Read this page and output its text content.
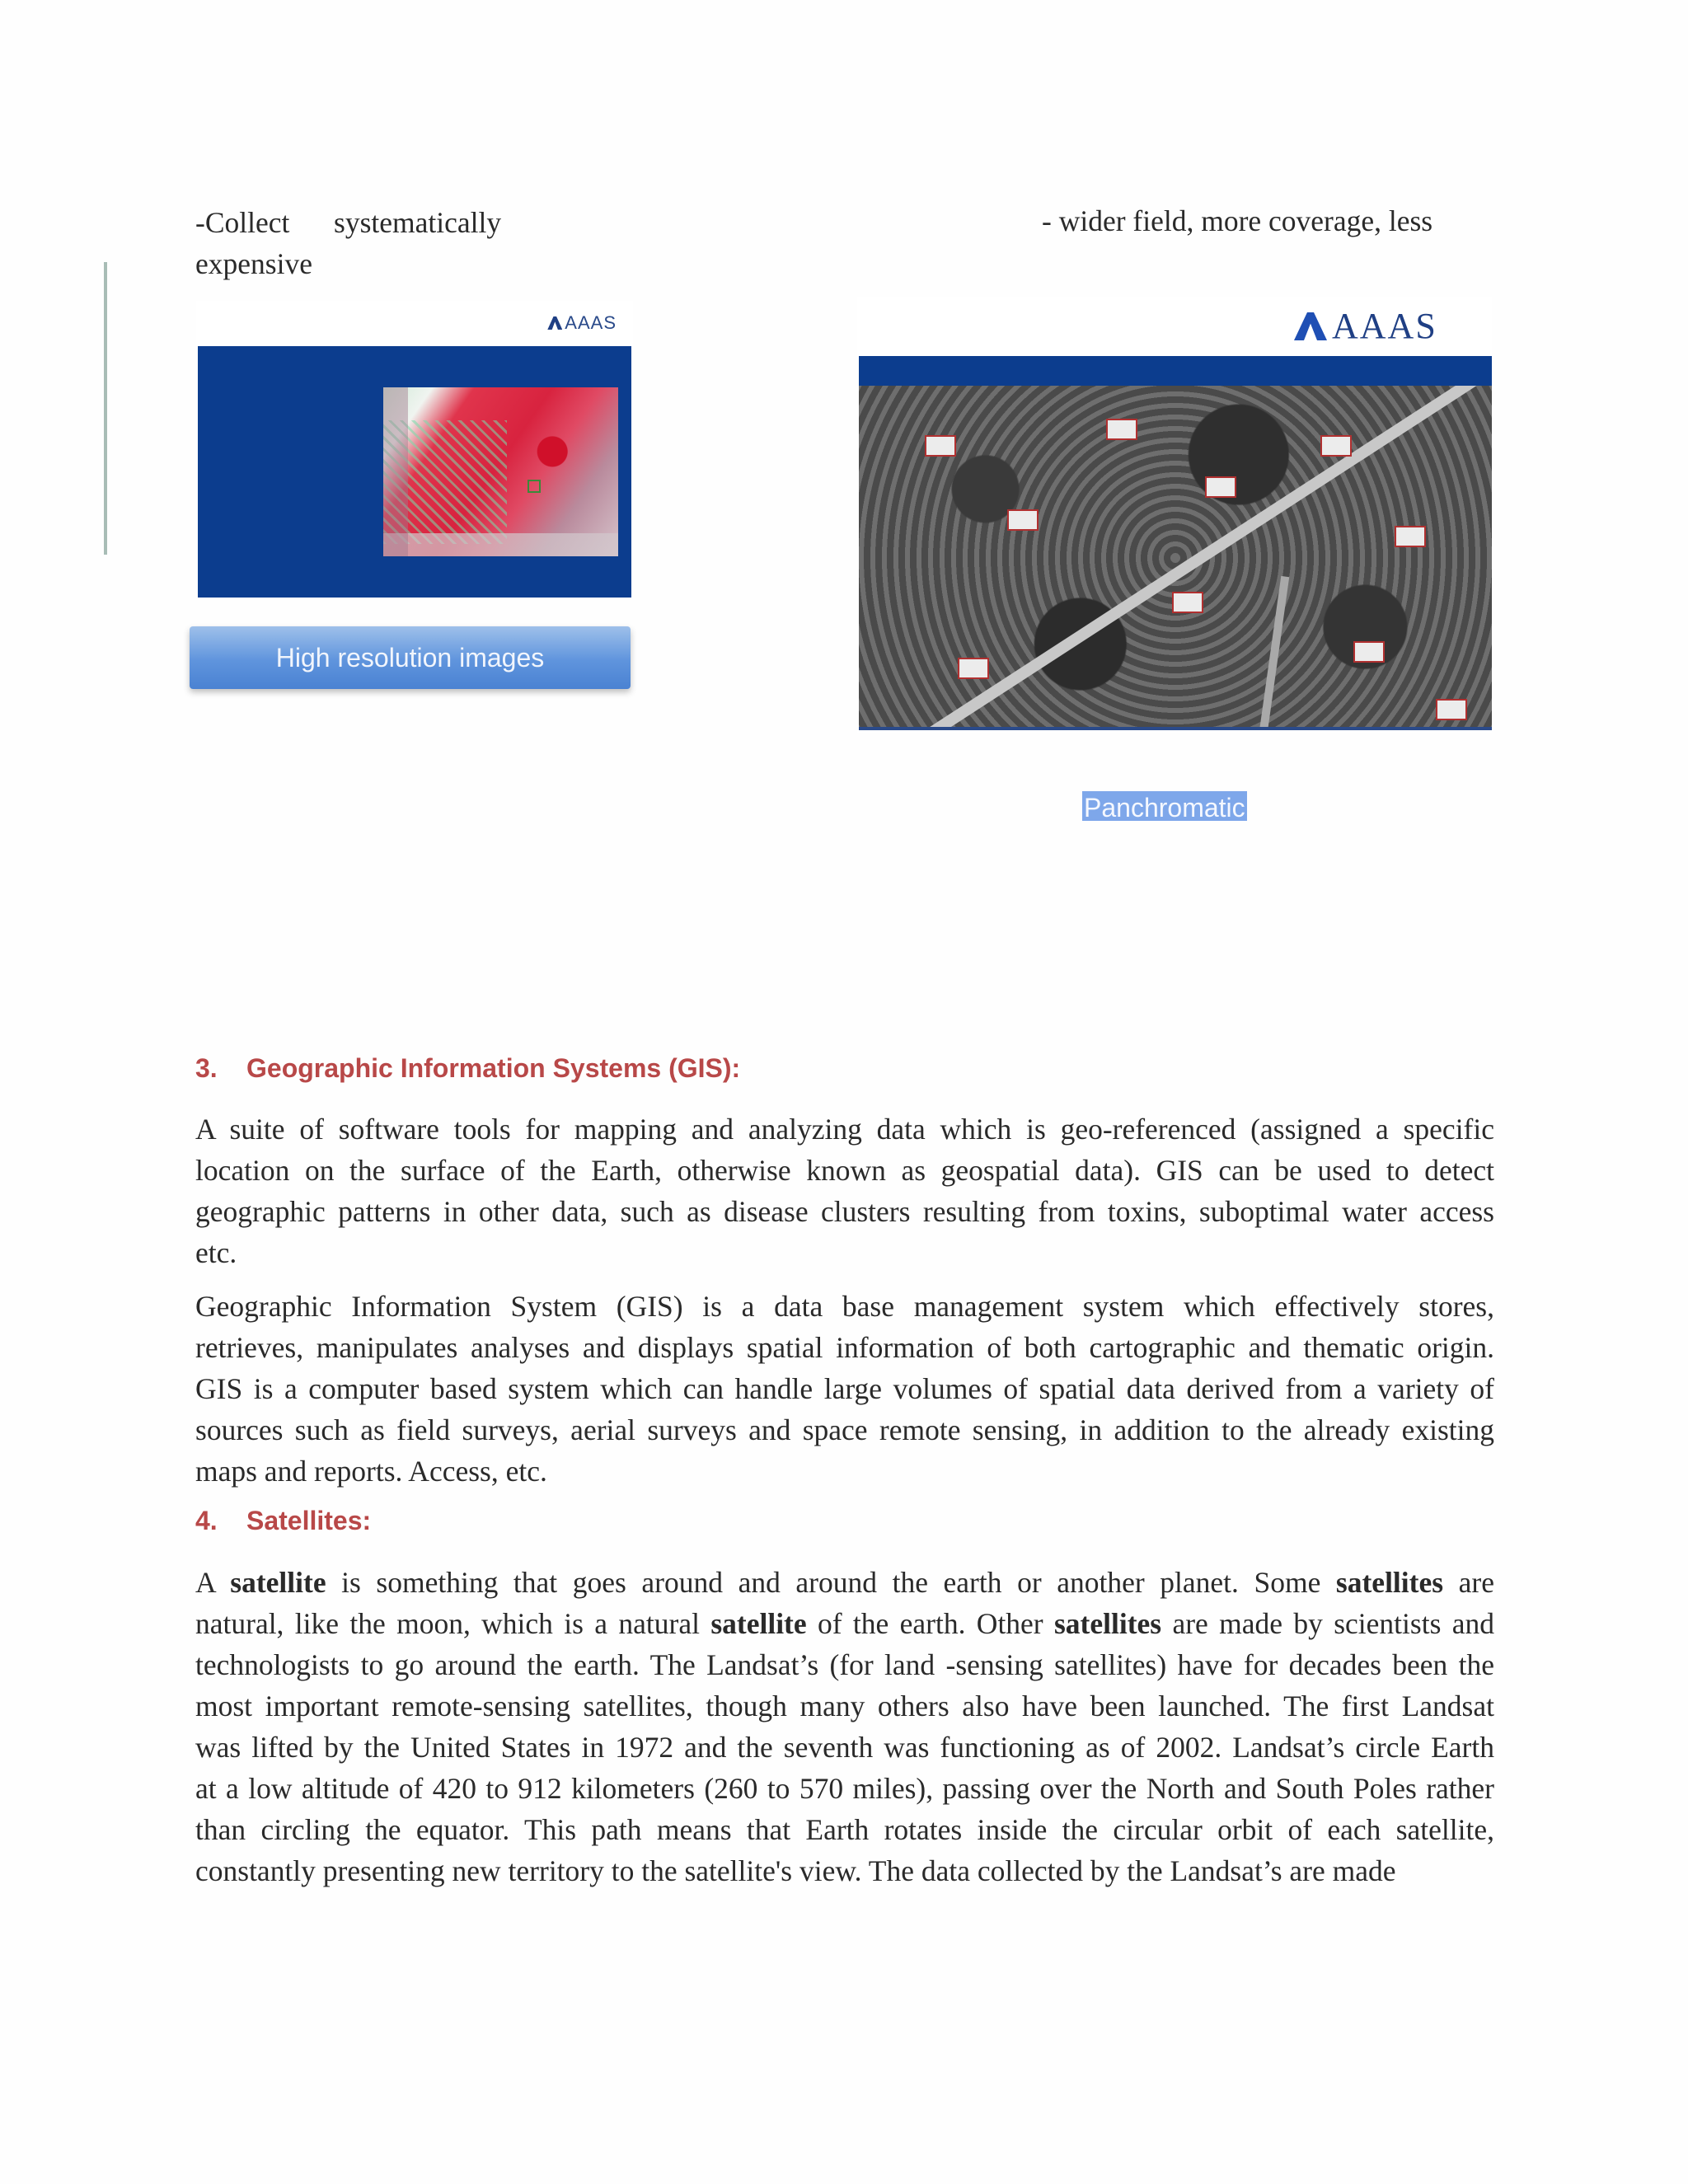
-Collect systematically
expensive
- wider field, more coverage, less
AAAS
High resolution images
AAAS
Panchromatic
3. Geographic Information Systems (GIS):
A suite of software tools for mapping and analyzing data which is geo-referenced (assigned a specific
location on the surface of the Earth, otherwise known as geospatial data). GIS can be used to detect
geographic patterns in other data, such as disease clusters resulting from toxins, suboptimal water access
etc.
Geographic Information System (GIS) is a data base management system which effectively stores,
retrieves, manipulates analyses and displays spatial information of both cartographic and thematic origin.
GIS is a computer based system which can handle large volumes of spatial data derived from a variety of
sources such as field surveys, aerial surveys and space remote sensing, in addition to the already existing
maps and reports. Access, etc.
4. Satellites:
A satellite is something that goes around and around the earth or another planet. Some satellites are
natural, like the moon, which is a natural satellite of the earth. Other satellites are made by scientists and
technologists to go around the earth. The Landsat’s (for land -sensing satellites) have for decades been the
most important remote-sensing satellites, though many others also have been launched. The first Landsat
was lifted by the United States in 1972 and the seventh was functioning as of 2002. Landsat’s circle Earth
at a low altitude of 420 to 912 kilometers (260 to 570 miles), passing over the North and South Poles rather
than circling the equator. This path means that Earth rotates inside the circular orbit of each satellite,
constantly presenting new territory to the satellite's view. The data collected by the Landsat’s are made
